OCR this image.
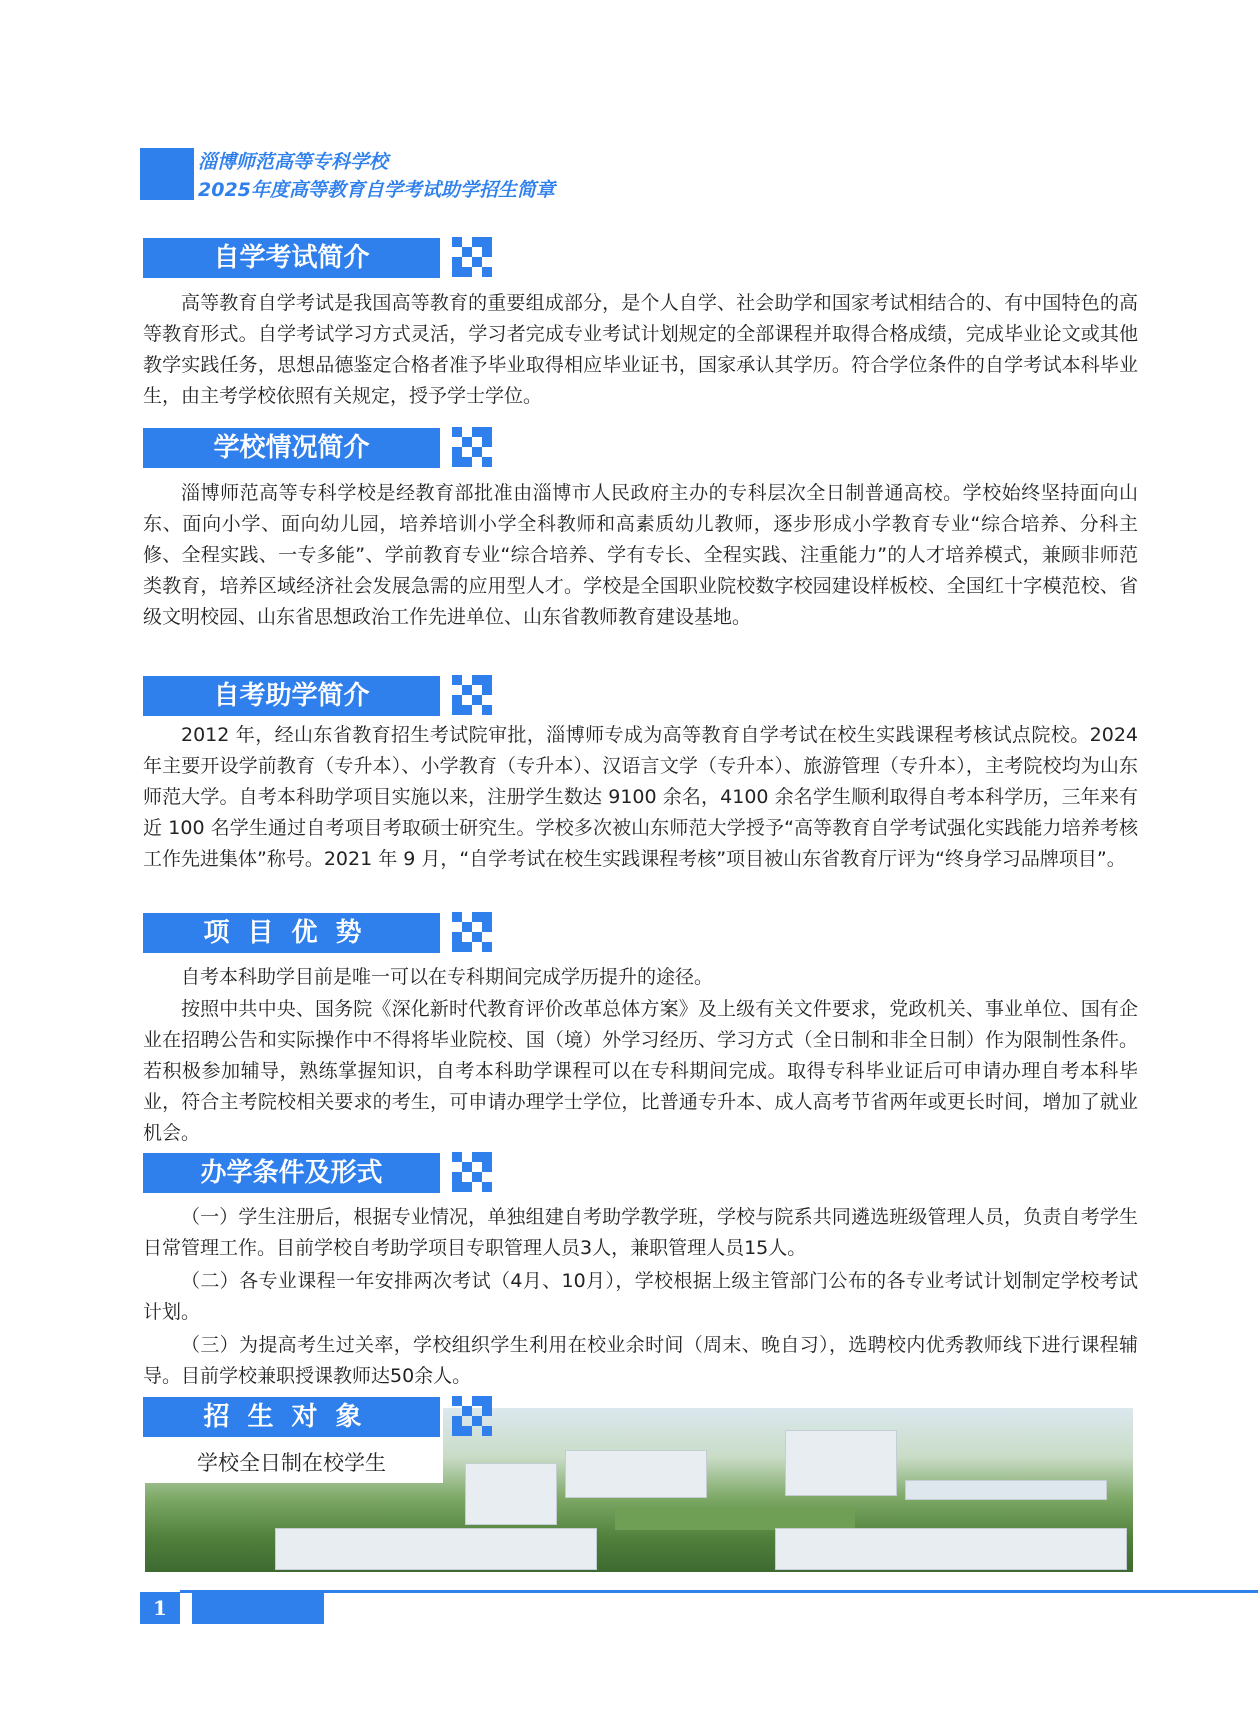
淄博师范高等专科学校
2025年度高等教育自学考试助学招生简章
自学考试简介

高等教育自学考试是我国高等教育的重要组成部分，是个人自学、社会助学和国家考试相结合的、有中国特色的高等教育形式。自学考试学习方式灵活，学习者完成专业考试计划规定的全部课程并取得合格成绩，完成毕业论文或其他教学实践任务，思想品德鉴定合格者准予毕业取得相应毕业证书，国家承认其学历。符合学位条件的自学考试本科毕业生，由主考学校依照有关规定，授予学士学位。

学校情况简介

淄博师范高等专科学校是经教育部批准由淄博市人民政府主办的专科层次全日制普通高校。学校始终坚持面向山东、面向小学、面向幼儿园，培养培训小学全科教师和高素质幼儿教师，逐步形成小学教育专业“综合培养、分科主修、全程实践、一专多能”、学前教育专业“综合培养、学有专长、全程实践、注重能力”的人才培养模式，兼顾非师范类教育，培养区域经济社会发展急需的应用型人才。学校是全国职业院校数字校园建设样板校、全国红十字模范校、省级文明校园、山东省思想政治工作先进单位、山东省教师教育建设基地。

自考助学简介

2012 年，经山东省教育招生考试院审批，淄博师专成为高等教育自学考试在校生实践课程考核试点院校。2024 年主要开设学前教育（专升本）、小学教育（专升本）、汉语言文学（专升本）、旅游管理（专升本），主考院校均为山东师范大学。自考本科助学项目实施以来，注册学生数达 9100 余名，4100 余名学生顺利取得自考本科学历，三年来有近 100 名学生通过自考项目考取硕士研究生。学校多次被山东师范大学授予“高等教育自学考试强化实践能力培养考核工作先进集体”称号。2021 年 9 月，“自学考试在校生实践课程考核”项目被山东省教育厅评为“终身学习品牌项目”。

项目优势

自考本科助学目前是唯一可以在专科期间完成学历提升的途径。

按照中共中央、国务院《深化新时代教育评价改革总体方案》及上级有关文件要求，党政机关、事业单位、国有企业在招聘公告和实际操作中不得将毕业院校、国（境）外学习经历、学习方式（全日制和非全日制）作为限制性条件。若积极参加辅导，熟练掌握知识，自考本科助学课程可以在专科期间完成。取得专科毕业证后可申请办理自考本科毕业，符合主考院校相关要求的考生，可申请办理学士学位，比普通专升本、成人高考节省两年或更长时间，增加了就业机会。

办学条件及形式

（一）学生注册后，根据专业情况，单独组建自考助学教学班，学校与院系共同遴选班级管理人员，负责自考学生日常管理工作。目前学校自考助学项目专职管理人员3人，兼职管理人员15人。

（二）各专业课程一年安排两次考试（4月、10月），学校根据上级主管部门公布的各专业考试计划制定学校考试计划。

（三）为提高考生过关率，学校组织学生利用在校业余时间（周末、晚自习），选聘校内优秀教师线下进行课程辅导。目前学校兼职授课教师达50余人。

招生对象

学校全日制在校学生

1
